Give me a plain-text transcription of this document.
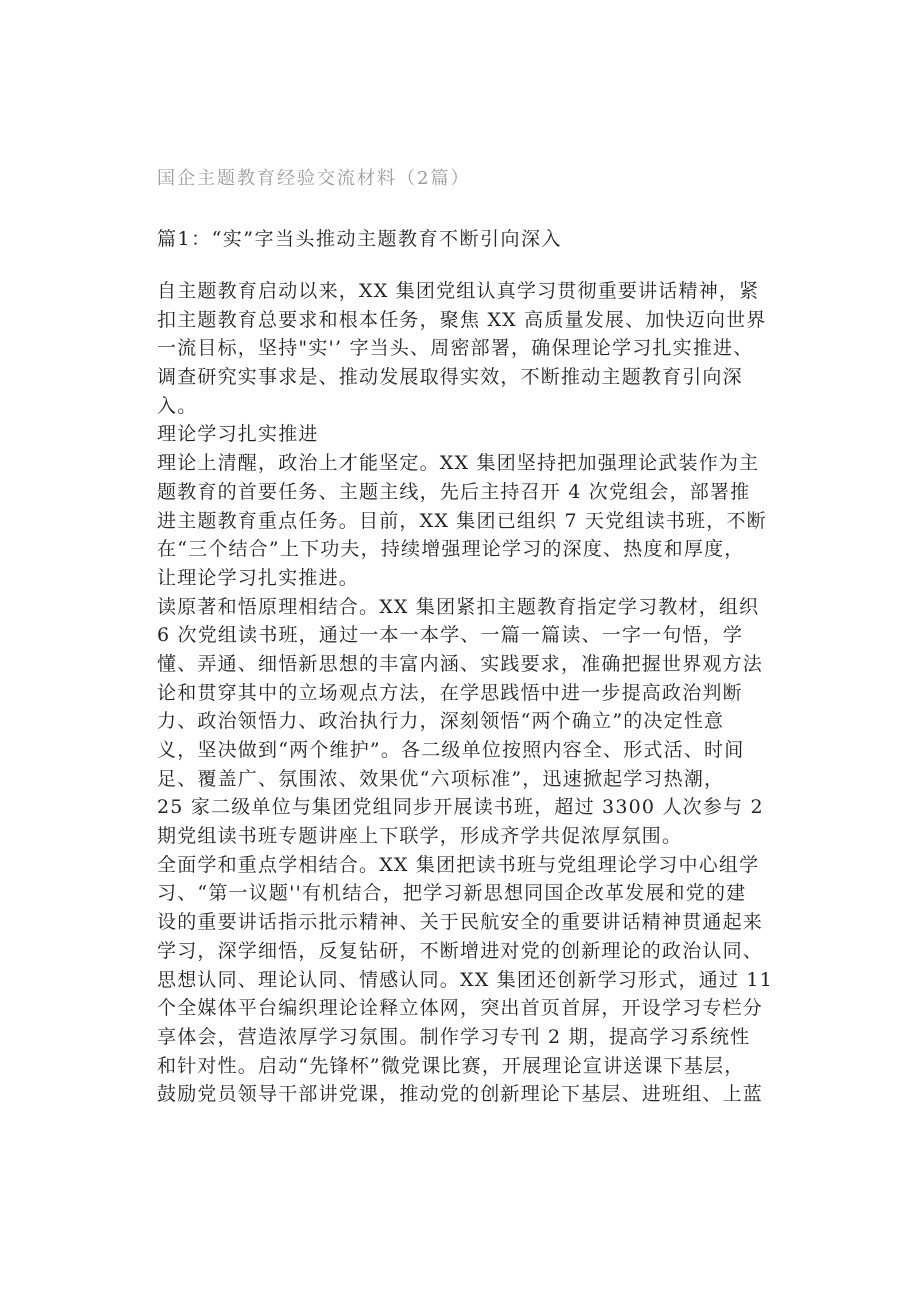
国企主题教育经验交流材料（2篇）
篇1：“实”字当头推动主题教育不断引向深入
自主题教育启动以来，XX 集团党组认真学习贯彻重要讲话精神，紧
扣主题教育总要求和根本任务，聚焦 XX 高质量发展、加快迈向世界
一流目标，坚持"实'’ 字当头、周密部署，确保理论学习扎实推进、
调查研究实事求是、推动发展取得实效，不断推动主题教育引向深
入。
理论学习扎实推进
理论上清醒，政治上才能坚定。XX 集团坚持把加强理论武装作为主
题教育的首要任务、主题主线，先后主持召开 4 次党组会，部署推
进主题教育重点任务。目前，XX 集团已组织 7 天党组读书班，不断
在“三个结合”上下功夫，持续增强理论学习的深度、热度和厚度，
让理论学习扎实推进。
读原著和悟原理相结合。XX 集团紧扣主题教育指定学习教材，组织
6 次党组读书班，通过一本一本学、一篇一篇读、一字一句悟，学
懂、弄通、细悟新思想的丰富内涵、实践要求，准确把握世界观方法
论和贯穿其中的立场观点方法，在学思践悟中进一步提高政治判断
力、政治领悟力、政治执行力，深刻领悟“两个确立”的决定性意
义，坚决做到“两个维护”。各二级单位按照内容全、形式活、时间
足、覆盖广、氛围浓、效果优“六项标准”，迅速掀起学习热潮，
25 家二级单位与集团党组同步开展读书班，超过 3300 人次参与 2
期党组读书班专题讲座上下联学，形成齐学共促浓厚氛围。
全面学和重点学相结合。XX 集团把读书班与党组理论学习中心组学
习、“第一议题''有机结合，把学习新思想同国企改革发展和党的建
设的重要讲话指示批示精神、关于民航安全的重要讲话精神贯通起来
学习，深学细悟，反复钻研，不断增进对党的创新理论的政治认同、
思想认同、理论认同、情感认同。XX 集团还创新学习形式，通过 11
个全媒体平台编织理论诠释立体网，突出首页首屏，开设学习专栏分
享体会，营造浓厚学习氛围。制作学习专刊 2 期，提高学习系统性
和针对性。启动“先锋杯”微党课比赛，开展理论宣讲送课下基层，
鼓励党员领导干部讲党课，推动党的创新理论下基层、进班组、上蓝
